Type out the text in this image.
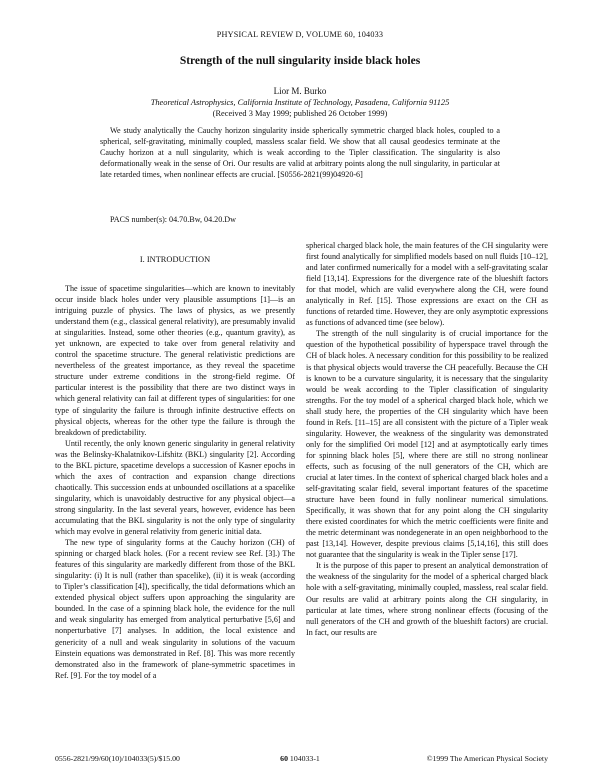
PHYSICAL REVIEW D, VOLUME 60, 104033
Strength of the null singularity inside black holes
Lior M. Burko
Theoretical Astrophysics, California Institute of Technology, Pasadena, California 91125
(Received 3 May 1999; published 26 October 1999)

We study analytically the Cauchy horizon singularity inside spherically symmetric charged black holes, coupled to a spherical, self-gravitating, minimally coupled, massless scalar field. We show that all causal geodesics terminate at the Cauchy horizon at a null singularity, which is weak according to the Tipler classification. The singularity is also deformationally weak in the sense of Ori. Our results are valid at arbitrary points along the null singularity, in particular at late retarded times, when nonlinear effects are crucial. [S0556-2821(99)04920-6]

PACS number(s): 04.70.Bw, 04.20.Dw
I. INTRODUCTION

The issue of spacetime singularities—which are known to inevitably occur inside black holes under very plausible assumptions [1]—is an intriguing puzzle of physics. The laws of physics, as we presently understand them (e.g., classical general relativity), are presumably invalid at singularities. Instead, some other theories (e.g., quantum gravity), as yet unknown, are expected to take over from general relativity and control the spacetime structure. The general relativistic predictions are nevertheless of the greatest importance, as they reveal the spacetime structure under extreme conditions in the strong-field regime. Of particular interest is the possibility that there are two distinct ways in which general relativity can fail at different types of singularities: for one type of singularity the failure is through infinite destructive effects on physical objects, whereas for the other type the failure is through the breakdown of predictability.

Until recently, the only known generic singularity in general relativity was the Belinsky-Khalatnikov-Lifshitz (BKL) singularity [2]. According to the BKL picture, spacetime develops a succession of Kasner epochs in which the axes of contraction and expansion change directions chaotically. This succession ends at unbounded oscillations at a spacelike singularity, which is unavoidably destructive for any physical object—a strong singularity. In the last several years, however, evidence has been accumulating that the BKL singularity is not the only type of singularity which may evolve in general relativity from generic initial data.

The new type of singularity forms at the Cauchy horizon (CH) of spinning or charged black holes. (For a recent review see Ref. [3].) The features of this singularity are markedly different from those of the BKL singularity: (i) It is null (rather than spacelike), (ii) it is weak (according to Tipler’s classification [4]), specifically, the tidal deformations which an extended physical object suffers upon approaching the singularity are bounded. In the case of a spinning black hole, the evidence for the null and weak singularity has emerged from analytical perturbative [5,6] and nonperturbative [7] analyses. In addition, the local existence and genericity of a null and weak singularity in solutions of the vacuum Einstein equations was demonstrated in Ref. [8]. This was more recently demonstrated also in the framework of plane-symmetric spacetimes in Ref. [9]. For the toy model of a

spherical charged black hole, the main features of the CH singularity were first found analytically for simplified models based on null fluids [10–12], and later confirmed numerically for a model with a self-gravitating scalar field [13,14]. Expressions for the divergence rate of the blueshift factors for that model, which are valid everywhere along the CH, were found analytically in Ref. [15]. Those expressions are exact on the CH as functions of retarded time. However, they are only asymptotic expressions as functions of advanced time (see below).

The strength of the null singularity is of crucial importance for the question of the hypothetical possibility of hyperspace travel through the CH of black holes. A necessary condition for this possibility to be realized is that physical objects would traverse the CH peacefully. Because the CH is known to be a curvature singularity, it is necessary that the singularity would be weak according to the Tipler classification of singularity strengths. For the toy model of a spherical charged black hole, which we shall study here, the properties of the CH singularity which have been found in Refs. [11–15] are all consistent with the picture of a Tipler weak singularity. However, the weakness of the singularity was demonstrated only for the simplified Ori model [12] and at asymptotically early times for spinning black holes [5], where there are still no strong nonlinear effects, such as focusing of the null generators of the CH, which are crucial at later times. In the context of spherical charged black holes and a self-gravitating scalar field, several important features of the spacetime structure have been found in fully nonlinear numerical simulations. Specifically, it was shown that for any point along the CH singularity there existed coordinates for which the metric coefficients were finite and the metric determinant was nondegenerate in an open neighborhood to the past [13,14]. However, despite previous claims [5,14,16], this still does not guarantee that the singularity is weak in the Tipler sense [17].

It is the purpose of this paper to present an analytical demonstration of the weakness of the singularity for the model of a spherical charged black hole with a self-gravitating, minimally coupled, massless, real scalar field. Our results are valid at arbitrary points along the CH singularity, in particular at late times, where strong nonlinear effects (focusing of the null generators of the CH and growth of the blueshift factors) are crucial. In fact, our results are

0556-2821/99/60(10)/104033(5)/$15.00	60 104033-1	©1999 The American Physical Society
